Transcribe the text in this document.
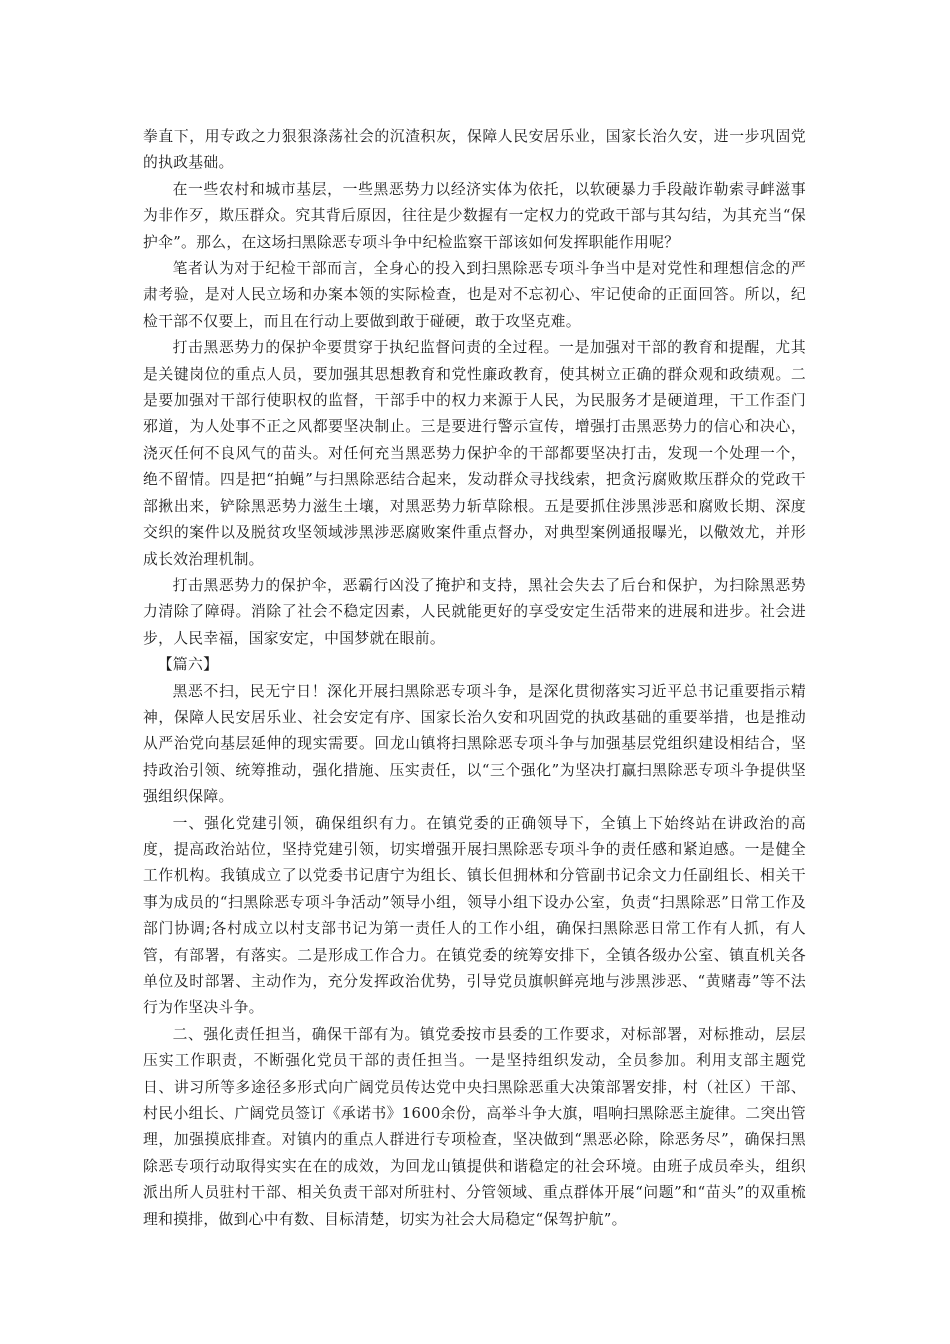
拳直下，用专政之力狠狠涤荡社会的沉渣积灰，保障人民安居乐业，国家长治久安，进一步巩固党的执政基础。

在一些农村和城市基层，一些黑恶势力以经济实体为依托，以软硬暴力手段敲诈勒索寻衅滋事为非作歹，欺压群众。究其背后原因，往往是少数握有一定权力的党政干部与其勾结，为其充当“保护伞”。那么，在这场扫黑除恶专项斗争中纪检监察干部该如何发挥职能作用呢？

笔者认为对于纪检干部而言，全身心的投入到扫黑除恶专项斗争当中是对党性和理想信念的严肃考验，是对人民立场和办案本领的实际检查，也是对不忘初心、牢记使命的正面回答。所以，纪检干部不仅要上，而且在行动上要做到敢于碰硬，敢于攻坚克难。

打击黑恶势力的保护伞要贯穿于执纪监督问责的全过程。一是加强对干部的教育和提醒，尤其是关键岗位的重点人员，要加强其思想教育和党性廉政教育，使其树立正确的群众观和政绩观。二是要加强对干部行使职权的监督，干部手中的权力来源于人民，为民服务才是硬道理，干工作歪门邪道，为人处事不正之风都要坚决制止。三是要进行警示宣传，增强打击黑恶势力的信心和决心，浇灭任何不良风气的苗头。对任何充当黑恶势力保护伞的干部都要坚决打击，发现一个处理一个，绝不留情。四是把“拍蝇”与扫黑除恶结合起来，发动群众寻找线索，把贪污腐败欺压群众的党政干部揪出来，铲除黑恶势力滋生土壤，对黑恶势力斩草除根。五是要抓住涉黑涉恶和腐败长期、深度交织的案件以及脱贫攻坚领域涉黑涉恶腐败案件重点督办，对典型案例通报曝光，以儆效尤，并形成长效治理机制。

打击黑恶势力的保护伞，恶霸行凶没了掩护和支持，黑社会失去了后台和保护，为扫除黑恶势力清除了障碍。消除了社会不稳定因素，人民就能更好的享受安定生活带来的进展和进步。社会进步，人民幸福，国家安定，中国梦就在眼前。

【篇六】

黑恶不扫，民无宁日！深化开展扫黑除恶专项斗争，是深化贯彻落实习近平总书记重要指示精神，保障人民安居乐业、社会安定有序、国家长治久安和巩固党的执政基础的重要举措，也是推动从严治党向基层延伸的现实需要。回龙山镇将扫黑除恶专项斗争与加强基层党组织建设相结合，坚持政治引领、统筹推动，强化措施、压实责任，以“三个强化”为坚决打赢扫黑除恶专项斗争提供坚强组织保障。

一、强化党建引领，确保组织有力。在镇党委的正确领导下，全镇上下始终站在讲政治的高度，提高政治站位，坚持党建引领，切实增强开展扫黑除恶专项斗争的责任感和紧迫感。一是健全工作机构。我镇成立了以党委书记唐宁为组长、镇长但拥林和分管副书记余文力任副组长、相关干事为成员的“扫黑除恶专项斗争活动”领导小组，领导小组下设办公室，负责“扫黑除恶”日常工作及部门协调;各村成立以村支部书记为第一责任人的工作小组，确保扫黑除恶日常工作有人抓，有人管，有部署，有落实。二是形成工作合力。在镇党委的统筹安排下，全镇各级办公室、镇直机关各单位及时部署、主动作为，充分发挥政治优势，引导党员旗帜鲜亮地与涉黑涉恶、“黄赌毒”等不法行为作坚决斗争。

二、强化责任担当，确保干部有为。镇党委按市县委的工作要求，对标部署，对标推动，层层压实工作职责，不断强化党员干部的责任担当。一是坚持组织发动，全员参加。利用支部主题党日、讲习所等多途径多形式向广阔党员传达党中央扫黑除恶重大决策部署安排，村（社区）干部、村民小组长、广阔党员签订《承诺书》1600余份，高举斗争大旗，唱响扫黑除恶主旋律。二突出管理，加强摸底排查。对镇内的重点人群进行专项检查，坚决做到“黑恶必除，除恶务尽”，确保扫黑除恶专项行动取得实实在在的成效，为回龙山镇提供和谐稳定的社会环境。由班子成员牵头，组织派出所人员驻村干部、相关负责干部对所驻村、分管领域、重点群体开展“问题”和“苗头”的双重梳理和摸排，做到心中有数、目标清楚，切实为社会大局稳定“保驾护航”。
